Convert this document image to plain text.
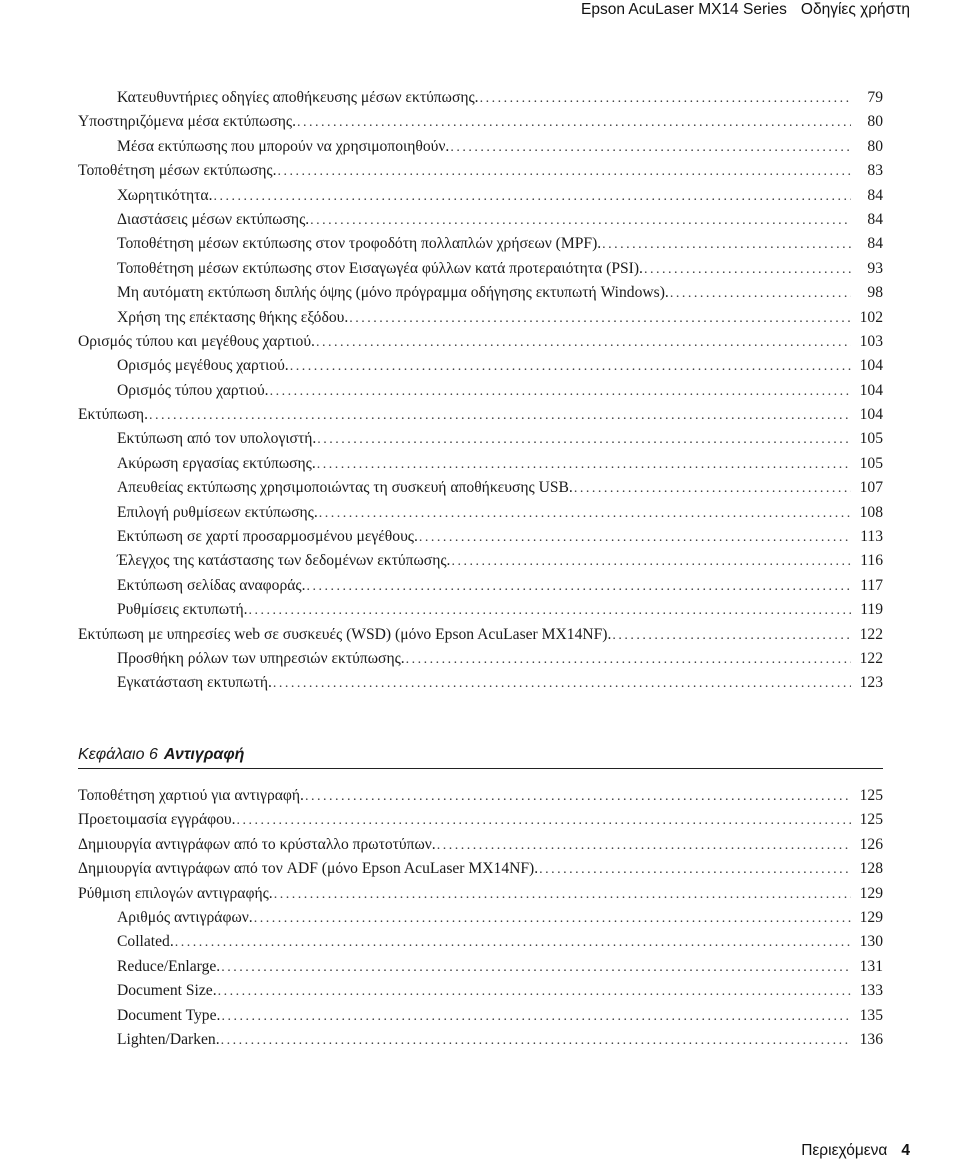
Epson AcuLaser MX14 Series Οδηγίες χρήστη
Κατευθυντήριες οδηγίες αποθήκευσης μέσων εκτύπωσης. . . .	79
Υποστηριζόμενα μέσα εκτύπωσης. . . .	80
Μέσα εκτύπωσης που μπορούν να χρησιμοποιηθούν. . . .	80
Τοποθέτηση μέσων εκτύπωσης. . . .	83
Χωρητικότητα. . . .	84
Διαστάσεις μέσων εκτύπωσης. . . .	84
Τοποθέτηση μέσων εκτύπωσης στον τροφοδότη πολλαπλών χρήσεων (MPF). . . .	84
Τοποθέτηση μέσων εκτύπωσης στον Εισαγωγέα φύλλων κατά προτεραιότητα (PSI). . . .	93
Μη αυτόματη εκτύπωση διπλής όψης (μόνο πρόγραμμα οδήγησης εκτυπωτή Windows). . . .	98
Χρήση της επέκτασης θήκης εξόδου. . . .	102
Ορισμός τύπου και μεγέθους χαρτιού. . . .	103
Ορισμός μεγέθους χαρτιού. . . .	104
Ορισμός τύπου χαρτιού. . . .	104
Εκτύπωση. . . .	104
Εκτύπωση από τον υπολογιστή. . . .	105
Ακύρωση εργασίας εκτύπωσης. . . .	105
Απευθείας εκτύπωσης χρησιμοποιώντας τη συσκευή αποθήκευσης USB. . . .	107
Επιλογή ρυθμίσεων εκτύπωσης. . . .	108
Εκτύπωση σε χαρτί προσαρμοσμένου μεγέθους. . . .	113
Έλεγχος της κατάστασης των δεδομένων εκτύπωσης. . . .	116
Εκτύπωση σελίδας αναφοράς. . . .	117
Ρυθμίσεις εκτυπωτή. . . .	119
Εκτύπωση με υπηρεσίες web σε συσκευές (WSD) (μόνο Epson AcuLaser MX14NF). . . .	122
Προσθήκη ρόλων των υπηρεσιών εκτύπωσης. . . .	122
Εγκατάσταση εκτυπωτή. . . .	123
Κεφάλαιο 6 Αντιγραφή
Τοποθέτηση χαρτιού για αντιγραφή. . . .	125
Προετοιμασία εγγράφου. . . .	125
Δημιουργία αντιγράφων από το κρύσταλλο πρωτοτύπων. . . .	126
Δημιουργία αντιγράφων από τον ADF (μόνο Epson AcuLaser MX14NF). . . .	128
Ρύθμιση επιλογών αντιγραφής. . . .	129
Αριθμός αντιγράφων. . . .	129
Collated. . . .	130
Reduce/Enlarge. . . .	131
Document Size. . . .	133
Document Type. . . .	135
Lighten/Darken. . . .	136
Περιεχόμενα 4
